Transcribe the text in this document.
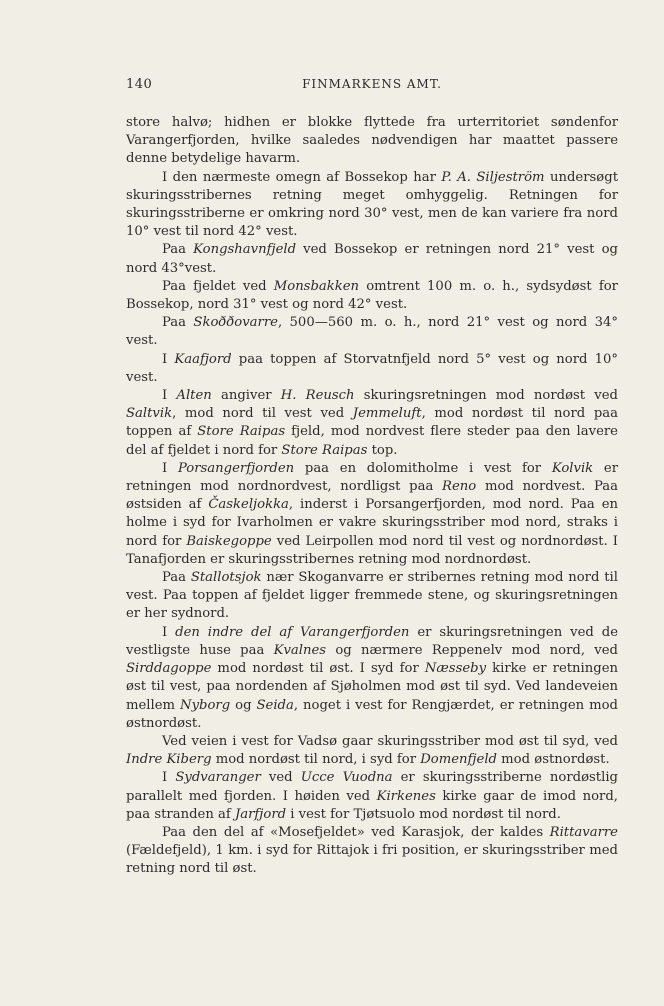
140	FINMARKENS AMT.

store halvø; hidhen er blokke flyttede fra urterritoriet søndenfor Varangerfjorden, hvilke saaledes nødvendigen har maattet passere denne betydelige havarm.

I den nærmeste omegn af Bossekop har P. A. Siljeström undersøgt skuringsstribernes retning meget omhyggelig. Retningen for skuringsstriberne er omkring nord 30° vest, men de kan variere fra nord 10° vest til nord 42° vest.

Paa Kongshavnfjeld ved Bossekop er retningen nord 21° vest og nord 43°vest.

Paa fjeldet ved Monsbakken omtrent 100 m. o. h., sydsydøst for Bossekop, nord 31° vest og nord 42° vest.

Paa Skoððovarre, 500—560 m. o. h., nord 21° vest og nord 34° vest.

I Kaafjord paa toppen af Storvatnfjeld nord 5° vest og nord 10° vest.

I Alten angiver H. Reusch skuringsretningen mod nordøst ved Saltvik, mod nord til vest ved Jemmeluft, mod nordøst til nord paa toppen af Store Raipas fjeld, mod nordvest flere steder paa den lavere del af fjeldet i nord for Store Raipas top.

I Porsangerfjorden paa en dolomitholme i vest for Kolvik er retningen mod nordnordvest, nordligst paa Reno mod nordvest. Paa østsiden af Časkeljokka, inderst i Porsangerfjorden, mod nord. Paa en holme i syd for Ivarholmen er vakre skuringsstriber mod nord, straks i nord for Baiskegoppe ved Leirpollen mod nord til vest og nordnordøst. I Tanafjorden er skuringsstribernes retning mod nordnordøst.

Paa Stallotsjok nær Skoganvarre er stribernes retning mod nord til vest. Paa toppen af fjeldet ligger fremmede stene, og skuringsretningen er her sydnord.

I den indre del af Varangerfjorden er skuringsretningen ved de vestligste huse paa Kvalnes og nærmere Reppenelv mod nord, ved Sirddagoppe mod nordøst til øst. I syd for Næsseby kirke er retningen øst til vest, paa nordenden af Sjøholmen mod øst til syd. Ved landeveien mellem Nyborg og Seida, noget i vest for Rengjærdet, er retningen mod østnordøst.

Ved veien i vest for Vadsø gaar skuringsstriber mod øst til syd, ved Indre Kiberg mod nordøst til nord, i syd for Domenfjeld mod østnordøst.

I Sydvaranger ved Ucce Vuodna er skuringsstriberne nordøstlig parallelt med fjorden. I høiden ved Kirkenes kirke gaar de imod nord, paa stranden af Jarfjord i vest for Tjøtsuolo mod nordøst til nord.

Paa den del af «Mosefjeldet» ved Karasjok, der kaldes Rittavarre (Fældefjeld), 1 km. i syd for Rittajok i fri position, er skuringsstriber med retning nord til øst.
